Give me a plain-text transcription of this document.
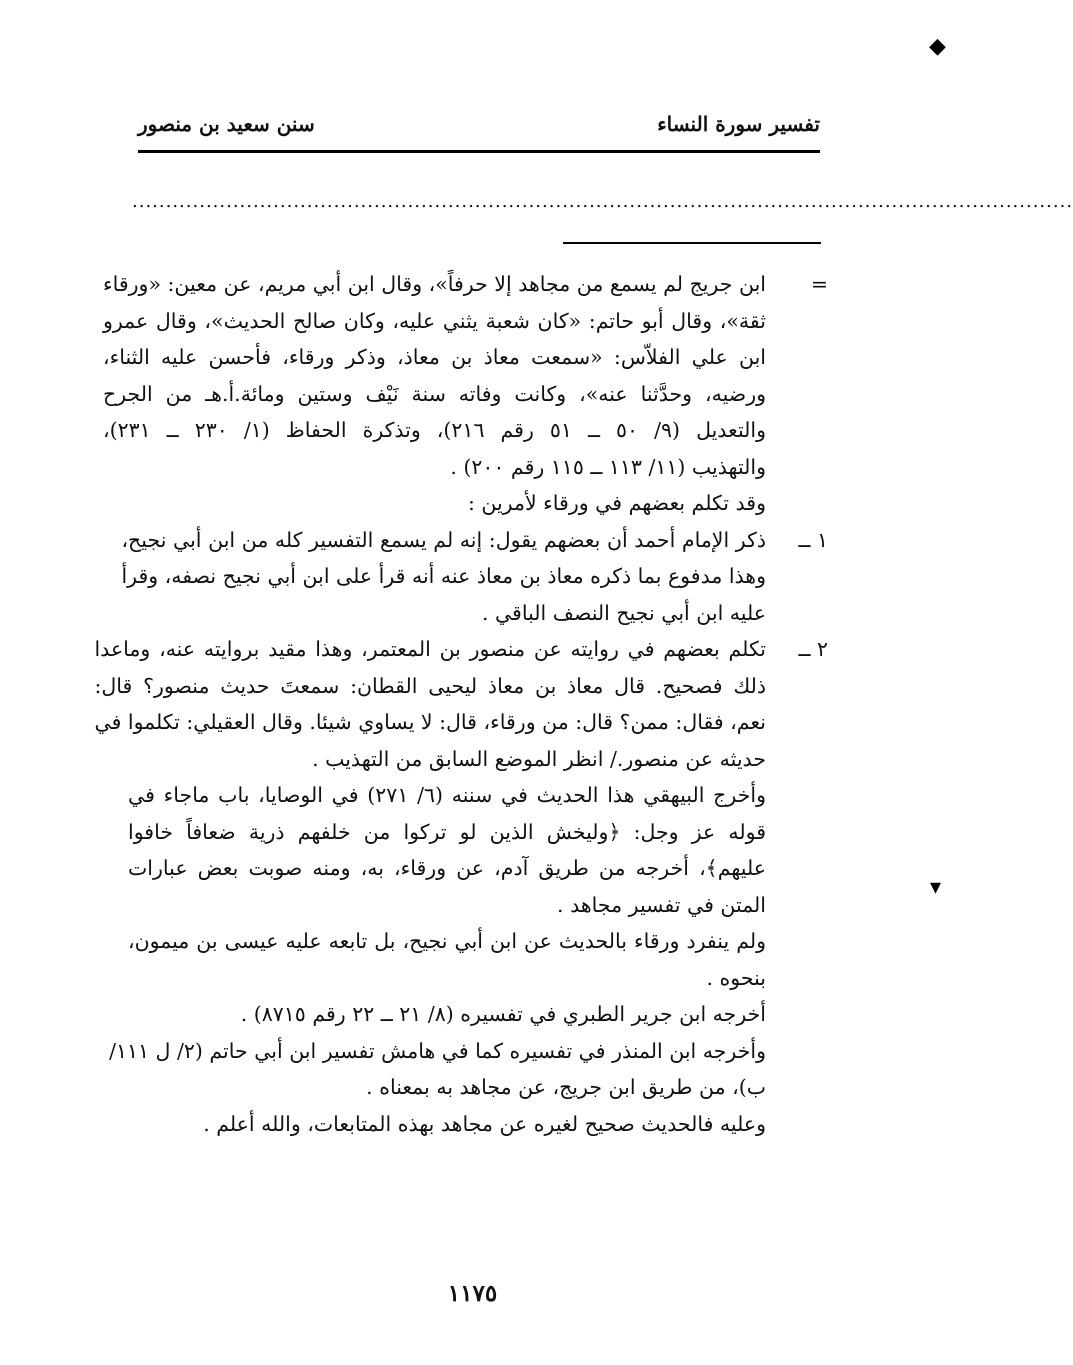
◆
▾
تفسير سورة النساء
سنن سعيد بن منصور
............................................................................................................................................
=
ابن جريج لم يسمع من مجاهد إلا حرفاً»، وقال ابن أبي مريم، عن معين: «ورقاء
ثقة»، وقال أبو حاتم: «كان شعبة يثني عليه، وكان صالح الحديث»، وقال عمرو
ابن علي الفلاّس: «سمعت معاذ بن معاذ، وذكر ورقاء، فأحسن عليه الثناء،
ورضيه، وحدَّثنا عنه»، وكانت وفاته سنة نَيْف وستين ومائة.أ.هـ من الجرح
والتعديل (٩/ ٥٠ ــ ٥١ رقم ٢١٦)، وتذكرة الحفاظ (١/ ٢٣٠ ــ ٢٣١)،
والتهذيب (١١/ ١١٣ ــ ١١٥ رقم ٢٠٠) .
وقد تكلم بعضهم في ورقاء لأمرين :
١ ــ
ذكر الإمام أحمد أن بعضهم يقول: إنه لم يسمع التفسير كله من ابن أبي نجيح،
وهذا مدفوع بما ذكره معاذ بن معاذ عنه أنه قرأ على ابن أبي نجيح نصفه، وقرأ
عليه ابن أبي نجيح النصف الباقي .
٢ ــ
تكلم بعضهم في روايته عن منصور بن المعتمر، وهذا مقيد بروايته عنه، وماعدا
ذلك فصحيح. قال معاذ بن معاذ ليحيى القطان: سمعتَ حديث منصور؟ قال:
نعم، فقال: ممن؟ قال: من ورقاء، قال: لا يساوي شيئا. وقال العقيلي: تكلموا في
حديثه عن منصور./ انظر الموضع السابق من التهذيب .
وأخرج البيهقي هذا الحديث في سننه (٦/ ٢٧١) في الوصايا، باب ماجاء في
قوله عز وجل: ﴿وليخش الذين لو تركوا من خلفهم ذرية ضعافاً خافوا
عليهم﴾، أخرجه من طريق آدم، عن ورقاء، به، ومنه صوبت بعض عبارات
المتن في تفسير مجاهد .
ولم ينفرد ورقاء بالحديث عن ابن أبي نجيح، بل تابعه عليه عيسى بن ميمون،
بنحوه .
أخرجه ابن جرير الطبري في تفسيره (٨/ ٢١ ــ ٢٢ رقم ٨٧١٥) .
وأخرجه ابن المنذر في تفسيره كما في هامش تفسير ابن أبي حاتم (٢/ ل ١١١/
ب)، من طريق ابن جريج، عن مجاهد به بمعناه .
وعليه فالحديث صحيح لغيره عن مجاهد بهذه المتابعات، والله أعلم .
١١٧٥
